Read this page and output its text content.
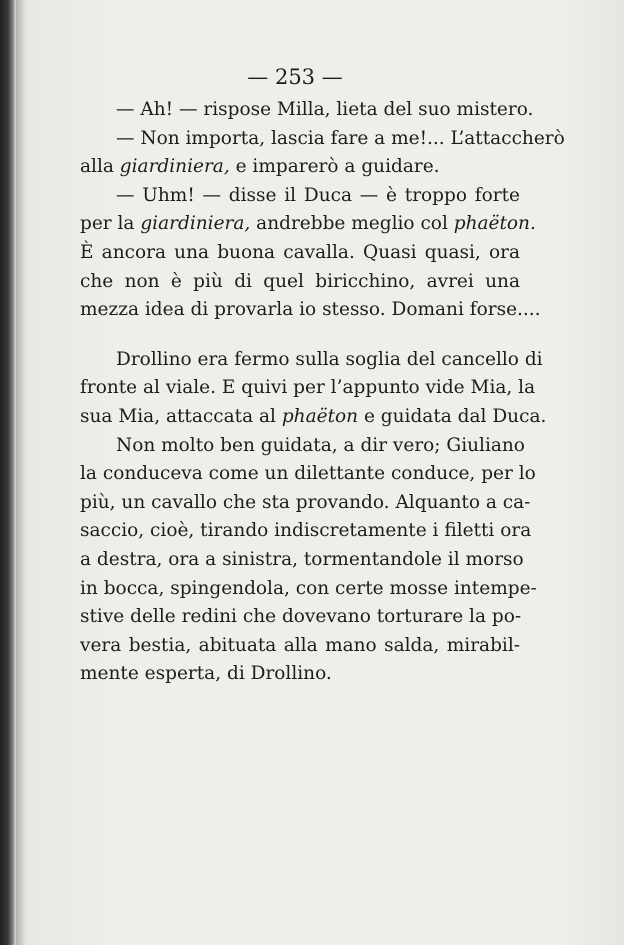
— 253 —
— Ah! — rispose Milla, lieta del suo mistero.
— Non importa, lascia fare a me!... L’attaccherò
alla giardiniera, e imparerò a guidare.
— Uhm! — disse il Duca — è troppo forte
per la giardiniera, andrebbe meglio col phaëton.
È ancora una buona cavalla. Quasi quasi, ora
che non è più di quel biricchino, avrei una
mezza idea di provarla io stesso. Domani forse....
Drollino era fermo sulla soglia del cancello di
fronte al viale. E quivi per l’appunto vide Mia, la
sua Mia, attaccata al phaëton e guidata dal Duca.
Non molto ben guidata, a dir vero; Giuliano
la conduceva come un dilettante conduce, per lo
più, un cavallo che sta provando. Alquanto a ca-
saccio, cioè, tirando indiscretamente i filetti ora
a destra, ora a sinistra, tormentandole il morso
in bocca, spingendola, con certe mosse intempe-
stive delle redini che dovevano torturare la po-
vera bestia, abituata alla mano salda, mirabil-
mente esperta, di Drollino.
